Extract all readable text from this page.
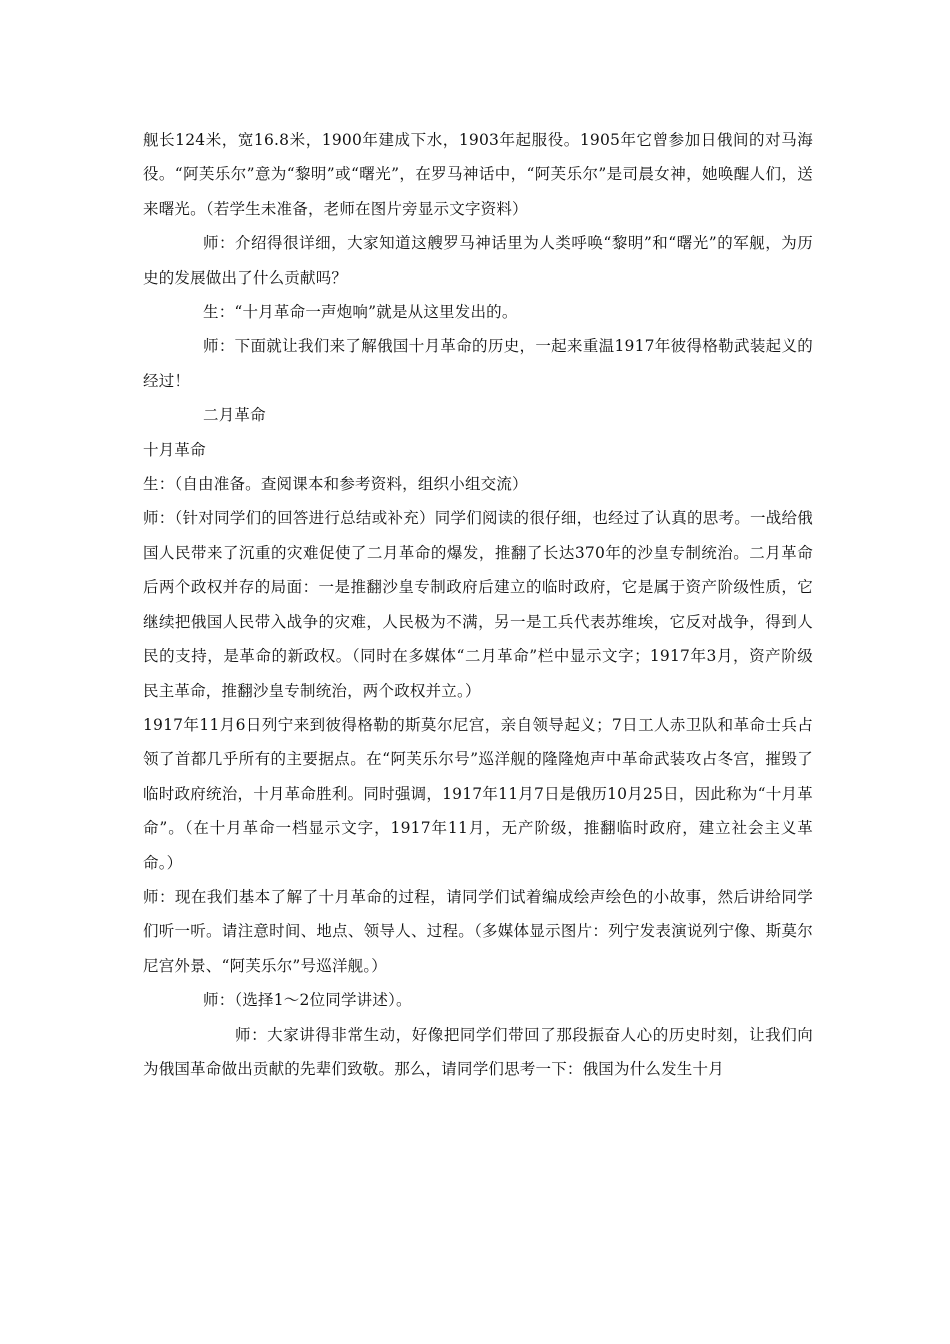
舰长124米，宽16.8米，1900年建成下水，1903年起服役。1905年它曾参加日俄间的对马海役。“阿芙乐尔”意为“黎明”或“曙光”，在罗马神话中，“阿芙乐尔”是司晨女神，她唤醒人们，送来曙光。（若学生未准备，老师在图片旁显示文字资料）

师：介绍得很详细，大家知道这艘罗马神话里为人类呼唤“黎明”和“曙光”的军舰，为历史的发展做出了什么贡献吗？

生：“十月革命一声炮响”就是从这里发出的。

师：下面就让我们来了解俄国十月革命的历史，一起来重温1917年彼得格勒武装起义的经过！

二月革命

十月革命

生：（自由准备。查阅课本和参考资料，组织小组交流）

师：（针对同学们的回答进行总结或补充）同学们阅读的很仔细，也经过了认真的思考。一战给俄国人民带来了沉重的灾难促使了二月革命的爆发，推翻了长达370年的沙皇专制统治。二月革命后两个政权并存的局面：一是推翻沙皇专制政府后建立的临时政府，它是属于资产阶级性质，它继续把俄国人民带入战争的灾难，人民极为不满，另一是工兵代表苏维埃，它反对战争，得到人民的支持，是革命的新政权。（同时在多媒体“二月革命”栏中显示文字；1917年3月，资产阶级民主革命，推翻沙皇专制统治，两个政权并立。）

1917年11月6日列宁来到彼得格勒的斯莫尔尼宫，亲自领导起义；7日工人赤卫队和革命士兵占领了首都几乎所有的主要据点。在“阿芙乐尔号”巡洋舰的隆隆炮声中革命武装攻占冬宫，摧毁了临时政府统治，十月革命胜利。同时强调，1917年11月7日是俄历10月25日，因此称为“十月革命”。（在十月革命一档显示文字，1917年11月，无产阶级，推翻临时政府，建立社会主义革命。）

师：现在我们基本了解了十月革命的过程，请同学们试着编成绘声绘色的小故事，然后讲给同学们听一听。请注意时间、地点、领导人、过程。（多媒体显示图片：列宁发表演说列宁像、斯莫尔尼宫外景、“阿芙乐尔”号巡洋舰。）

师：（选择1～2位同学讲述）。

师：大家讲得非常生动，好像把同学们带回了那段振奋人心的历史时刻，让我们向为俄国革命做出贡献的先辈们致敬。那么，请同学们思考一下：俄国为什么发生十月
